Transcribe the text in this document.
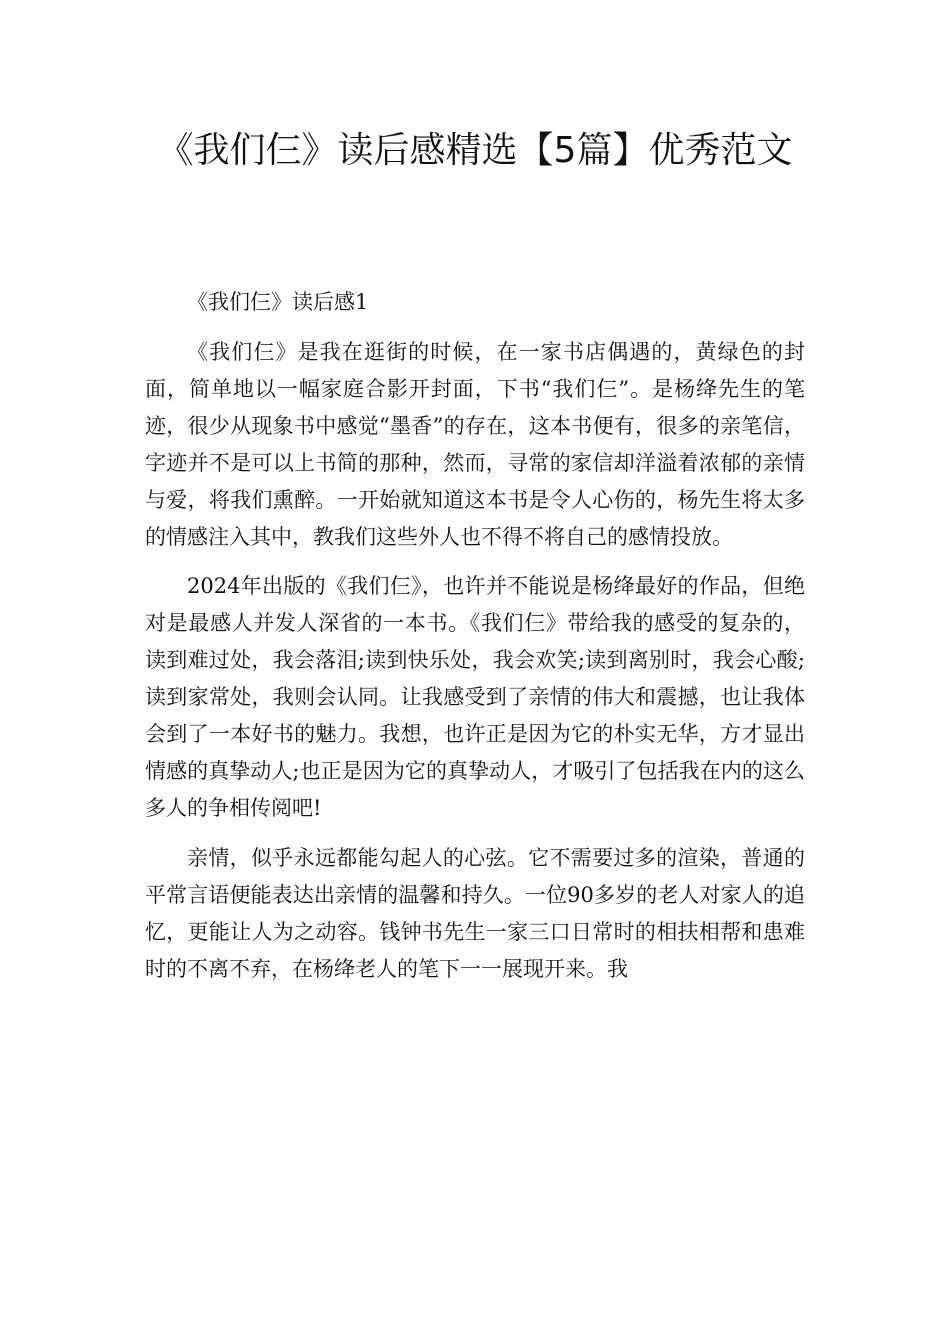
《我们仨》读后感精选【5篇】优秀范文

《我们仨》读后感1

《我们仨》是我在逛街的时候，在一家书店偶遇的，黄绿色的封面，简单地以一幅家庭合影开封面，下书“我们仨”。是杨绛先生的笔迹，很少从现象书中感觉“墨香”的存在，这本书便有，很多的亲笔信，字迹并不是可以上书简的那种，然而，寻常的家信却洋溢着浓郁的亲情与爱，将我们熏醉。一开始就知道这本书是令人心伤的，杨先生将太多的情感注入其中，教我们这些外人也不得不将自己的感情投放。

2024年出版的《我们仨》，也许并不能说是杨绛最好的作品，但绝对是最感人并发人深省的一本书。《我们仨》带给我的感受的复杂的，读到难过处，我会落泪;读到快乐处，我会欢笑;读到离别时，我会心酸;读到家常处，我则会认同。让我感受到了亲情的伟大和震撼，也让我体会到了一本好书的魅力。我想，也许正是因为它的朴实无华，方才显出情感的真挚动人;也正是因为它的真挚动人，才吸引了包括我在内的这么多人的争相传阅吧!

亲情，似乎永远都能勾起人的心弦。它不需要过多的渲染，普通的平常言语便能表达出亲情的温馨和持久。一位90多岁的老人对家人的追忆，更能让人为之动容。钱钟书先生一家三口日常时的相扶相帮和患难时的不离不弃，在杨绛老人的笔下一一展现开来。我
